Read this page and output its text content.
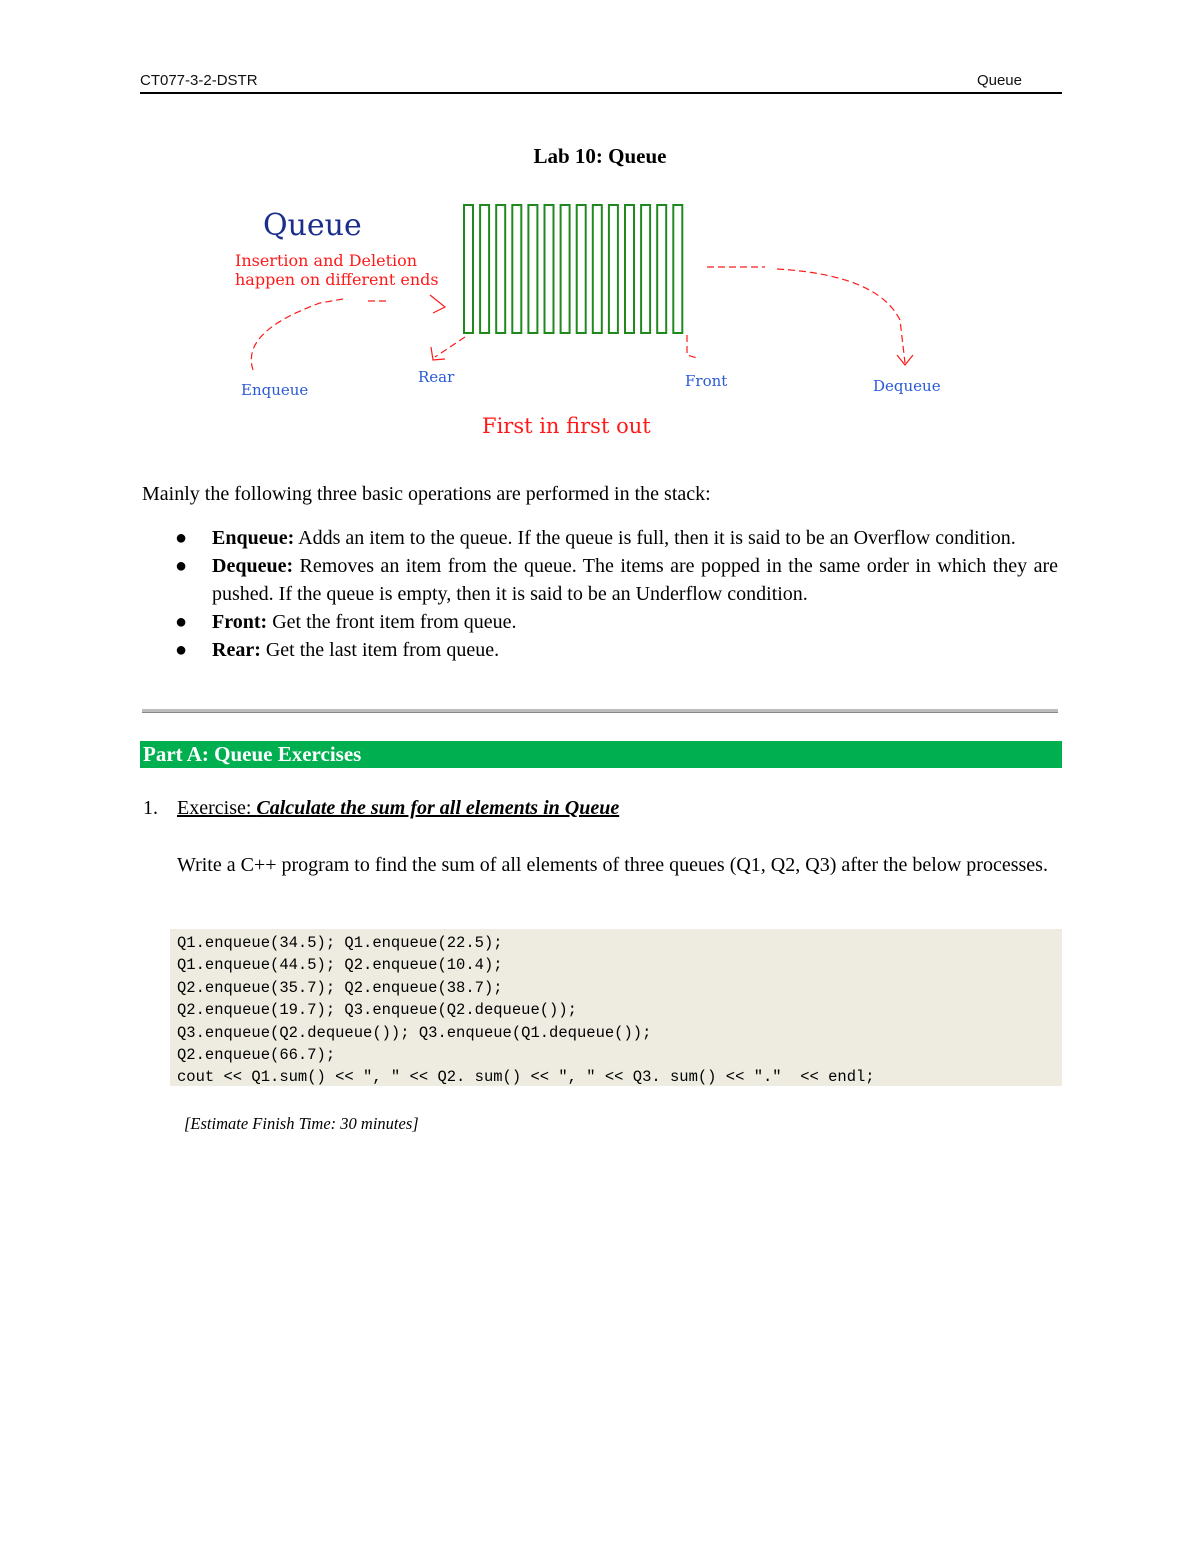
CT077-3-2-DSTR	Queue
Lab 10: Queue
Queue
Insertion and Deletion
happen on different ends
Enqueue
Rear	Front	Dequeue
First in first out
Mainly the following three basic operations are performed in the stack:
● Enqueue: Adds an item to the queue. If the queue is full, then it is said to be an Overflow condition.
● Dequeue: Removes an item from the queue. The items are popped in the same order in which they are pushed. If the queue is empty, then it is said to be an Underflow condition.
● Front: Get the front item from queue.
● Rear: Get the last item from queue.
Part A: Queue Exercises
1. Exercise: Calculate the sum for all elements in Queue
Write a C++ program to find the sum of all elements of three queues (Q1, Q2, Q3) after the below processes.
Q1.enqueue(34.5); Q1.enqueue(22.5);
Q1.enqueue(44.5); Q2.enqueue(10.4);
Q2.enqueue(35.7); Q2.enqueue(38.7);
Q2.enqueue(19.7); Q3.enqueue(Q2.dequeue());
Q3.enqueue(Q2.dequeue()); Q3.enqueue(Q1.dequeue());
Q2.enqueue(66.7);
cout << Q1.sum() << ", " << Q2. sum() << ", " << Q3. sum() << "."  << endl;
[Estimate Finish Time: 30 minutes]
